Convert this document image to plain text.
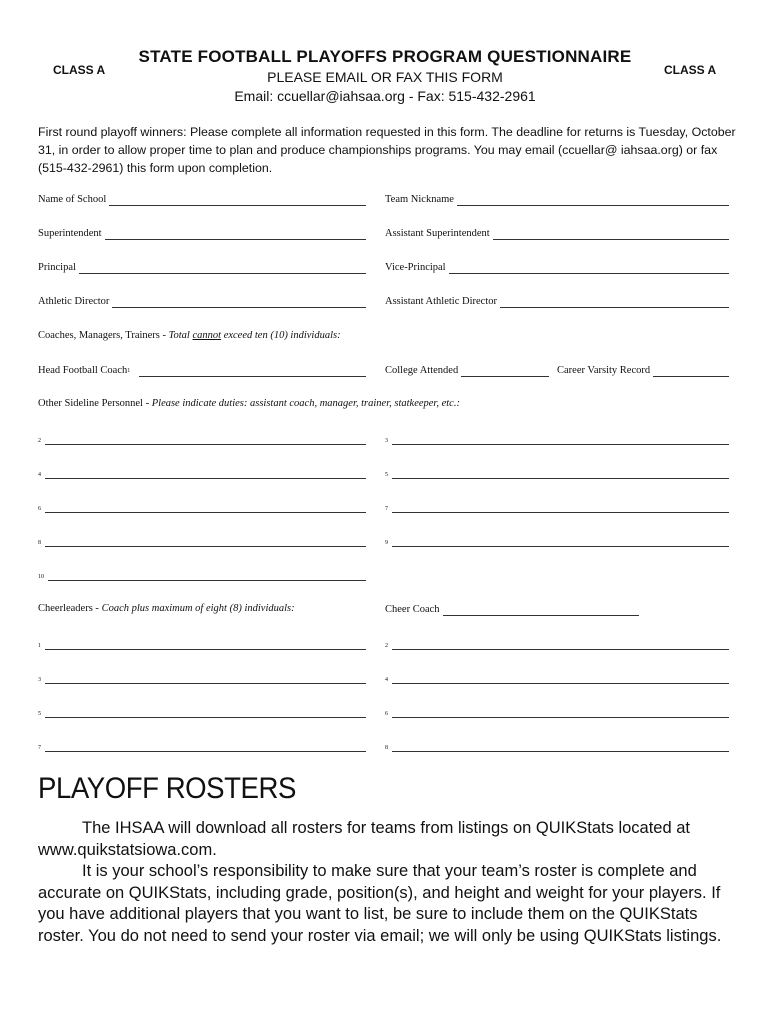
CLASS A	CLASS A
STATE FOOTBALL PLAYOFFS PROGRAM QUESTIONNAIRE
PLEASE EMAIL OR FAX THIS FORM
Email: ccuellar@iahsaa.org - Fax: 515-432-2961
First round playoff winners: Please complete all information requested in this form. The deadline for returns is Tuesday, October 31, in order to allow proper time to plan and produce championships programs. You may email (ccuellar@ iahsaa.org) or fax (515-432-2961) this form upon completion.
Name of School	Team Nickname
Superintendent	Assistant Superintendent
Principal	Vice-Principal
Athletic Director	Assistant Athletic Director
Coaches, Managers, Trainers - Total cannot exceed ten (10) individuals:
Head Football Coach$^1$	College Attended	Career Varsity Record
Other Sideline Personnel - Please indicate duties: assistant coach, manager, trainer, statkeeper, etc.:
2	3
4	5
6	7
8	9
10
Cheerleaders - Coach plus maximum of eight (8) individuals:	Cheer Coach
1	2
3	4
5	6
7	8
PLAYOFF ROSTERS

The IHSAA will download all rosters for teams from listings on QUIKStats located at www.quikstatsiowa.com.

It is your school’s responsibility to make sure that your team’s roster is complete and accurate on QUIKStats, including grade, position(s), and height and weight for your players. If you have additional players that you want to list, be sure to include them on the QUIKStats roster. You do not need to send your roster via email; we will only be using QUIKStats listings.
